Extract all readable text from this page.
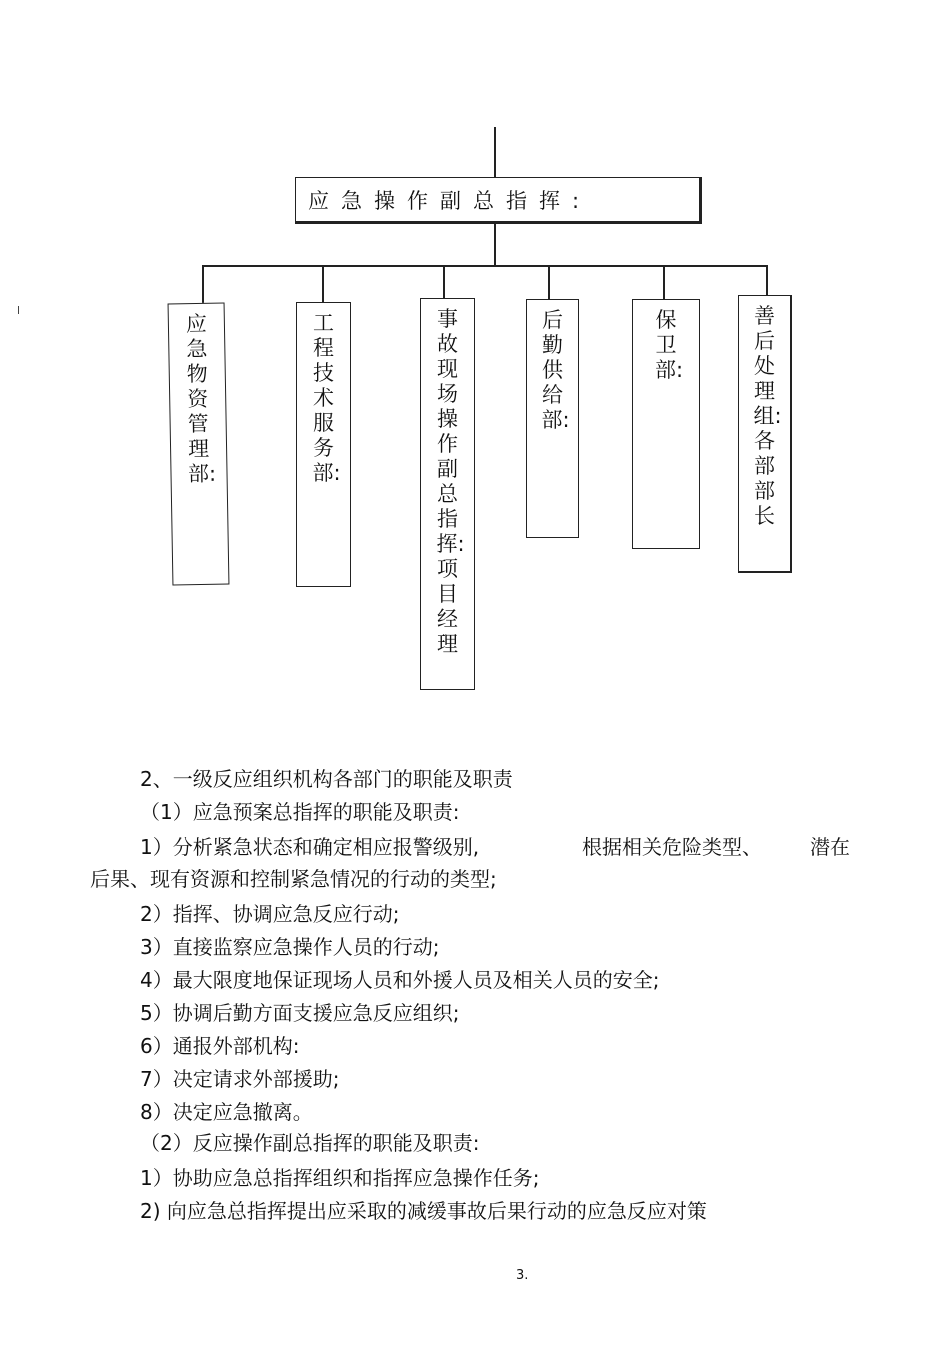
应急操作副总指挥:
应急物资管理部:
工程技术服务部:
事故现场操作副总指挥:项目经理
后勤供给部:
保卫部:
善后处理组:各部部长
2、一级反应组织机构各部门的职能及职责
（1）应急预案总指挥的职能及职责:
1）分析紧急状态和确定相应报警级别,	根据相关危险类型、 潜在
后果、现有资源和控制紧急情况的行动的类型;
2）指挥、协调应急反应行动;
3）直接监察应急操作人员的行动;
4）最大限度地保证现场人员和外援人员及相关人员的安全;
5）协调后勤方面支援应急反应组织;
6）通报外部机构:
7）决定请求外部援助;
8）决定应急撤离。
（2）反应操作副总指挥的职能及职责:
1）协助应急总指挥组织和指挥应急操作任务;
2) 向应急总指挥提出应采取的减缓事故后果行动的应急反应对策
3.
